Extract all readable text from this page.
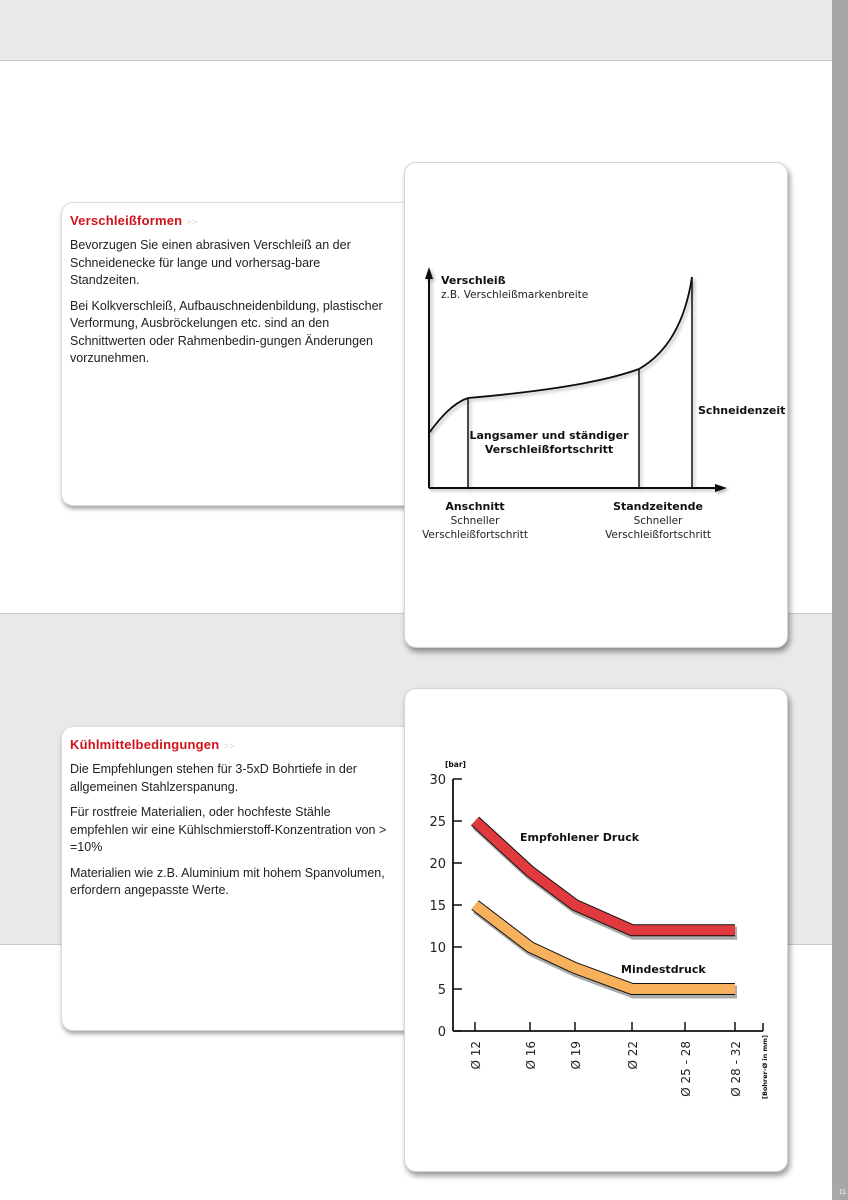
11
Verschleißformen >>

Bevorzugen Sie einen abrasiven Verschleiß an der Schneidenecke für lange und vorhersag-bare Standzeiten.

Bei Kolkverschleiß, Aufbauschneidenbildung, plastischer Verformung, Ausbröckelungen etc. sind an den Schnittwerten oder Rahmenbedin-gungen Änderungen vorzunehmen.

Verschleiß
z.B. Verschleißmarkenbreite
Schneidenzeit
Langsamer und ständiger
Verschleißfortschritt
Anschnitt
Schneller
Verschleißfortschritt
Standzeitende
Schneller
Verschleißfortschritt
Kühlmittelbedingungen >>

Die Empfehlungen stehen für 3-5xD Bohrtiefe in der allgemeinen Stahlzerspanung.

Für rostfreie Materialien, oder hochfeste Stähle empfehlen wir eine Kühlschmierstoff-Konzentration von > =10%

Materialien wie z.B. Aluminium mit hohem Spanvolumen, erfordern angepasste Werte.

0
5
10
15
20
25
30
[bar]
Ø 12	Ø 16	Ø 19	Ø 22	Ø 25 - 28	Ø 28 - 32	[Bohrer-Ø in mm]
Empfohlener Druck
Mindestdruck
